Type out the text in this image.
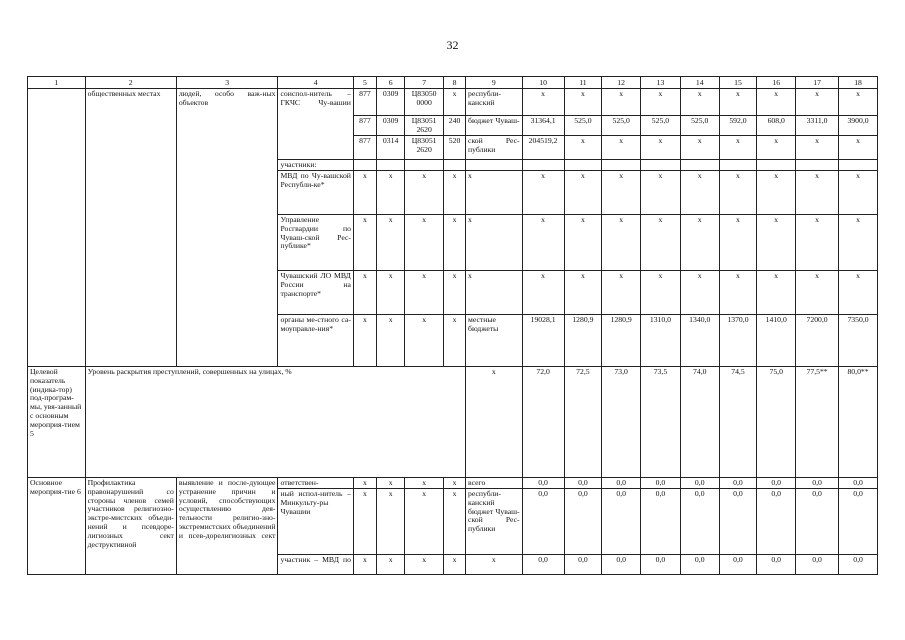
32
1	2	3	4	5	6	7	8	9	10	11	12	13	14	15	16	17	18
	общественных местах	людей, особо важ-ных объектов	соиспол-нитель – ГКЧС Чу-вашии	877	0309	Ц83050 0000	x	республи-канский	x	x	x	x	x	x	x	x	x
				877	0309	Ц83051 2620	240	бюджет Чуваш-	31364,1	525,0	525,0	525,0	525,0	592,0	608,0	3311,0	3900,0
				877	0314	Ц83051 2620	520	ской Рес-публики	204519,2	x	x	x	x	x	x	x	x
			участники:														
			МВД по Чу-вашской Республи-ке*	x	x	x	x	x	x	x	x	x	x	x	x	x	x
			Управление Росгвардии по Чуваш-ской Рес-публике*	x	x	x	x	x	x	x	x	x	x	x	x	x	x
			Чувашский ЛО МВД России на транспорте*	x	x	x	x	x	x	x	x	x	x	x	x	x	x
			органы ме-стного са-моуправле-ния*	x	x	x	x	местные бюджеты	19028,1	1280,9	1280,9	1310,0	1340,0	1370,0	1410,0	7200,0	7350,0
Целевой показатель (индика-тор) под-програм-мы, увя-занный с основным мероприя-тием 5	Уровень раскрытия преступлений, совершенных на улицах, %							x	72,0	72,5	73,0	73,5	74,0	74,5	75,0	77,5**	80,0**
Основное мероприя-тие 6	Профилактика правонарушений со стороны членов семей участников религиозно-экстре-мистских объеди-нений и псевдоре-лигиозных сект деструктивной	выявление и после-дующее устранение причин и условий, способствующих осуществлению дея-тельности религио-зно-экстремистских объединений и псев-дорелигиозных сект	ответствен-	x	x	x	x	всего	0,0	0,0	0,0	0,0	0,0	0,0	0,0	0,0	0,0
			ный испол-нитель – Минкульту-ры Чувашии	x	x	x	x	республи-канский бюджет Чуваш-ской Рес-публики	0,0	0,0	0,0	0,0	0,0	0,0	0,0	0,0	0,0
			участник – МВД по	x	x	x	x	x	0,0	0,0	0,0	0,0	0,0	0,0	0,0	0,0	0,0
